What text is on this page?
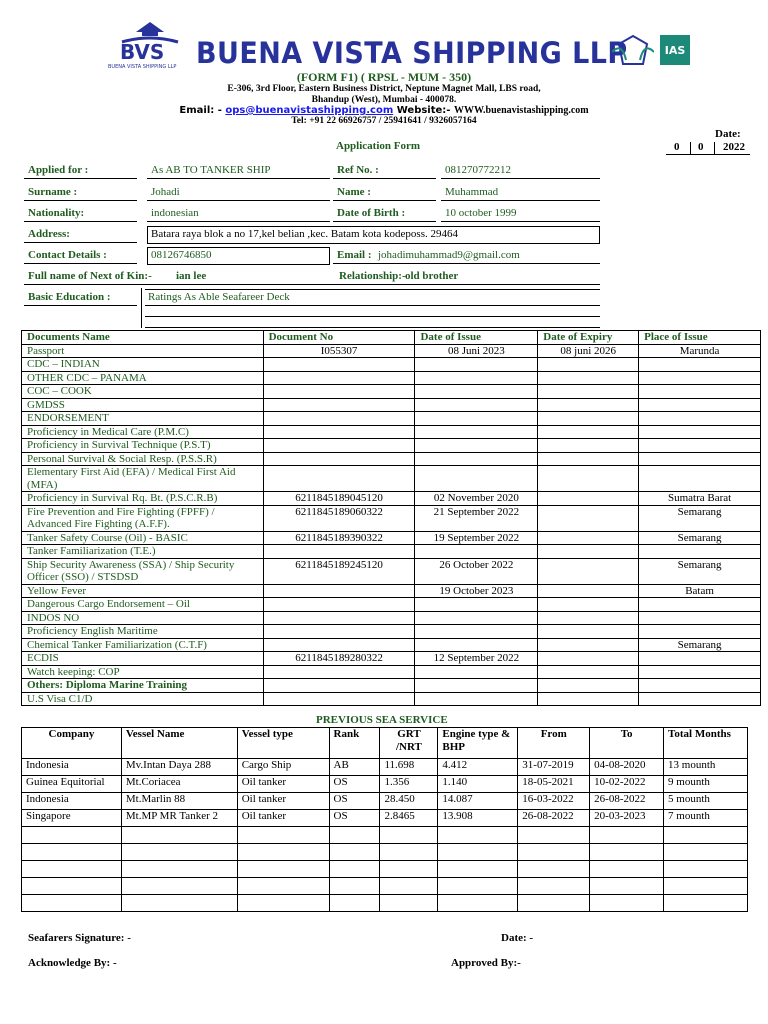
BVS
BUENA VISTA SHIPPING LLP BUENA VISTA SHIPPING LLP	IAS
(FORM F1) ( RPSL - MUM - 350)
E-306, 3rd Floor, Eastern Business District, Neptune Magnet Mall, LBS road,
Bhandup (West), Mumbai - 400078.
Email: - ops@buenavistashipping.com Website:- WWW.buenavistashipping.com
Tel: +91 22 66926757 / 25941641 / 9326057164
Application Form
Date:
0 0 2022
Applied for :	As AB TO TANKER SHIP	Ref No. :	081270772212
Surname :	Johadi	Name :	Muhammad
Nationality:	indonesian	Date of Birth :	10 october 1999
Address:	Batara raya blok a no 17,kel belian ,kec. Batam kota kodeposs. 29464
Contact Details :	08126746850	Email : johadimuhammad9@gmail.com
Full name of Next of Kin:- ian lee	Relationship:- old brother
Basic Education :	Ratings As Able Seafareer Deck
Documents Name	Document No	Date of Issue	Date of Expiry	Place of Issue
Passport	I055307	08 Juni 2023	08 juni 2026	Marunda
CDC – INDIAN				
OTHER CDC – PANAMA				
COC – COOK				
GMDSS				
ENDORSEMENT				
Proficiency in Medical Care (P.M.C)				
Proficiency in Survival Technique (P.S.T)				
Personal Survival & Social Resp. (P.S.S.R)				
Elementary First Aid (EFA) / Medical First Aid (MFA)				
Proficiency in Survival Rq. Bt. (P.S.C.R.B)	6211845189045120	02 November 2020		Sumatra Barat
Fire Prevention and Fire Fighting (FPFF) / Advanced Fire Fighting (A.F.F).	6211845189060322	21 September 2022		Semarang
Tanker Safety Course (Oil) - BASIC	6211845189390322	19 September 2022		Semarang
Tanker Familiarization (T.E.)				
Ship Security Awareness (SSA) / Ship Security Officer (SSO) / STSDSD	6211845189245120	26 October 2022		Semarang
Yellow Fever		19 October 2023		Batam
Dangerous Cargo Endorsement – Oil				
INDOS NO				
Proficiency English Maritime				
Chemical Tanker Familiarization (C.T.F)				Semarang
ECDIS	6211845189280322	12 September 2022		
Watch keeping: COP				
Others: Diploma Marine Training				
U.S Visa C1/D				
PREVIOUS SEA SERVICE
Company	Vessel Name	Vessel type	Rank	GRT /NRT	Engine type & BHP	From	To	Total Months
Indonesia	Mv.Intan Daya 288	Cargo Ship	AB	11.698	4.412	31-07-2019	04-08-2020	13 mounth
Guinea Equitorial	Mt.Coriacea	Oil tanker	OS	1.356	1.140	18-05-2021	10-02-2022	9 mounth
Indonesia	Mt.Marlin 88	Oil tanker	OS	28.450	14.087	16-03-2022	26-08-2022	5 mounth
Singapore	Mt.MP MR Tanker 2	Oil tanker	OS	2.8465	13.908	26-08-2022	20-03-2023	7 mounth

Seafarers Signature: -	Date: -
Acknowledge By: -	Approved By:-
